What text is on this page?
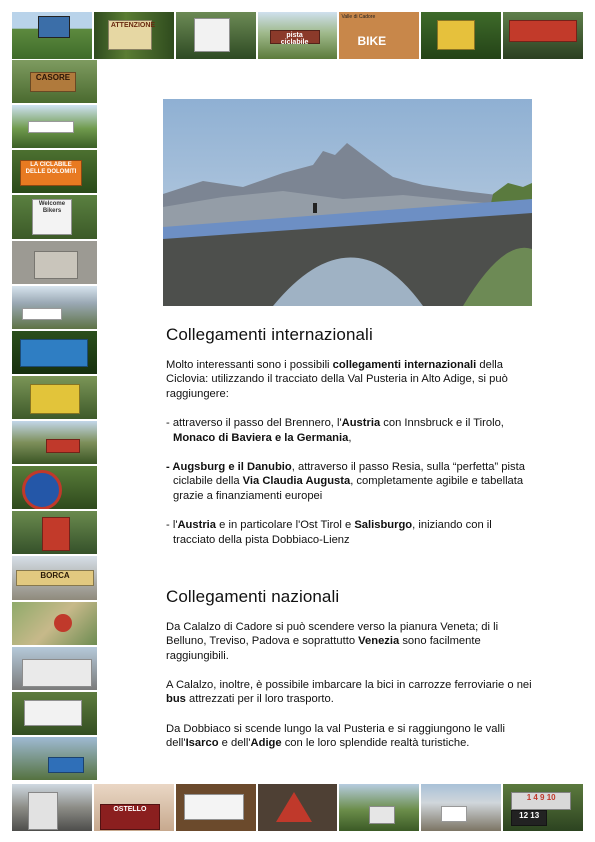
ATTENZIONE
pista ciclabile
Valle di Cadore
BIKE
CASORE
LA CICLABILE DELLE DOLOMITI
Welcome Bikers
BORCA
OSTELLO
1 4 9 10
12 13
Collegamenti internazionali

Molto interessanti sono i possibili collegamenti internazionali della Ciclovia: utilizzando il tracciato della Val Pusteria in Alto Adige, si può raggiungere:

- attraverso il passo del Brennero, l'Austria con Innsbruck e il Tirolo, Monaco di Baviera e la Germania,

- Augsburg e il Danubio, attraverso il passo Resia, sulla “perfetta” pista ciclabile della Via Claudia Augusta, completamente agibile e tabellata grazie a finanziamenti europei

- l'Austria e in particolare l'Ost Tirol e Salisburgo, iniziando con il tracciato della pista Dobbiaco-Lienz

Collegamenti nazionali

Da Calalzo di Cadore si può scendere verso la pianura Veneta; di li Belluno, Treviso, Padova e soprattutto Venezia sono facilmente raggiungibili.

A Calalzo, inoltre, è possibile imbarcare la bici in carrozze ferroviarie o nei bus attrezzati per il loro trasporto.

Da Dobbiaco si scende lungo la val Pusteria e si raggiungono le valli dell'Isarco e dell'Adige con le loro splendide realtà turistiche.
